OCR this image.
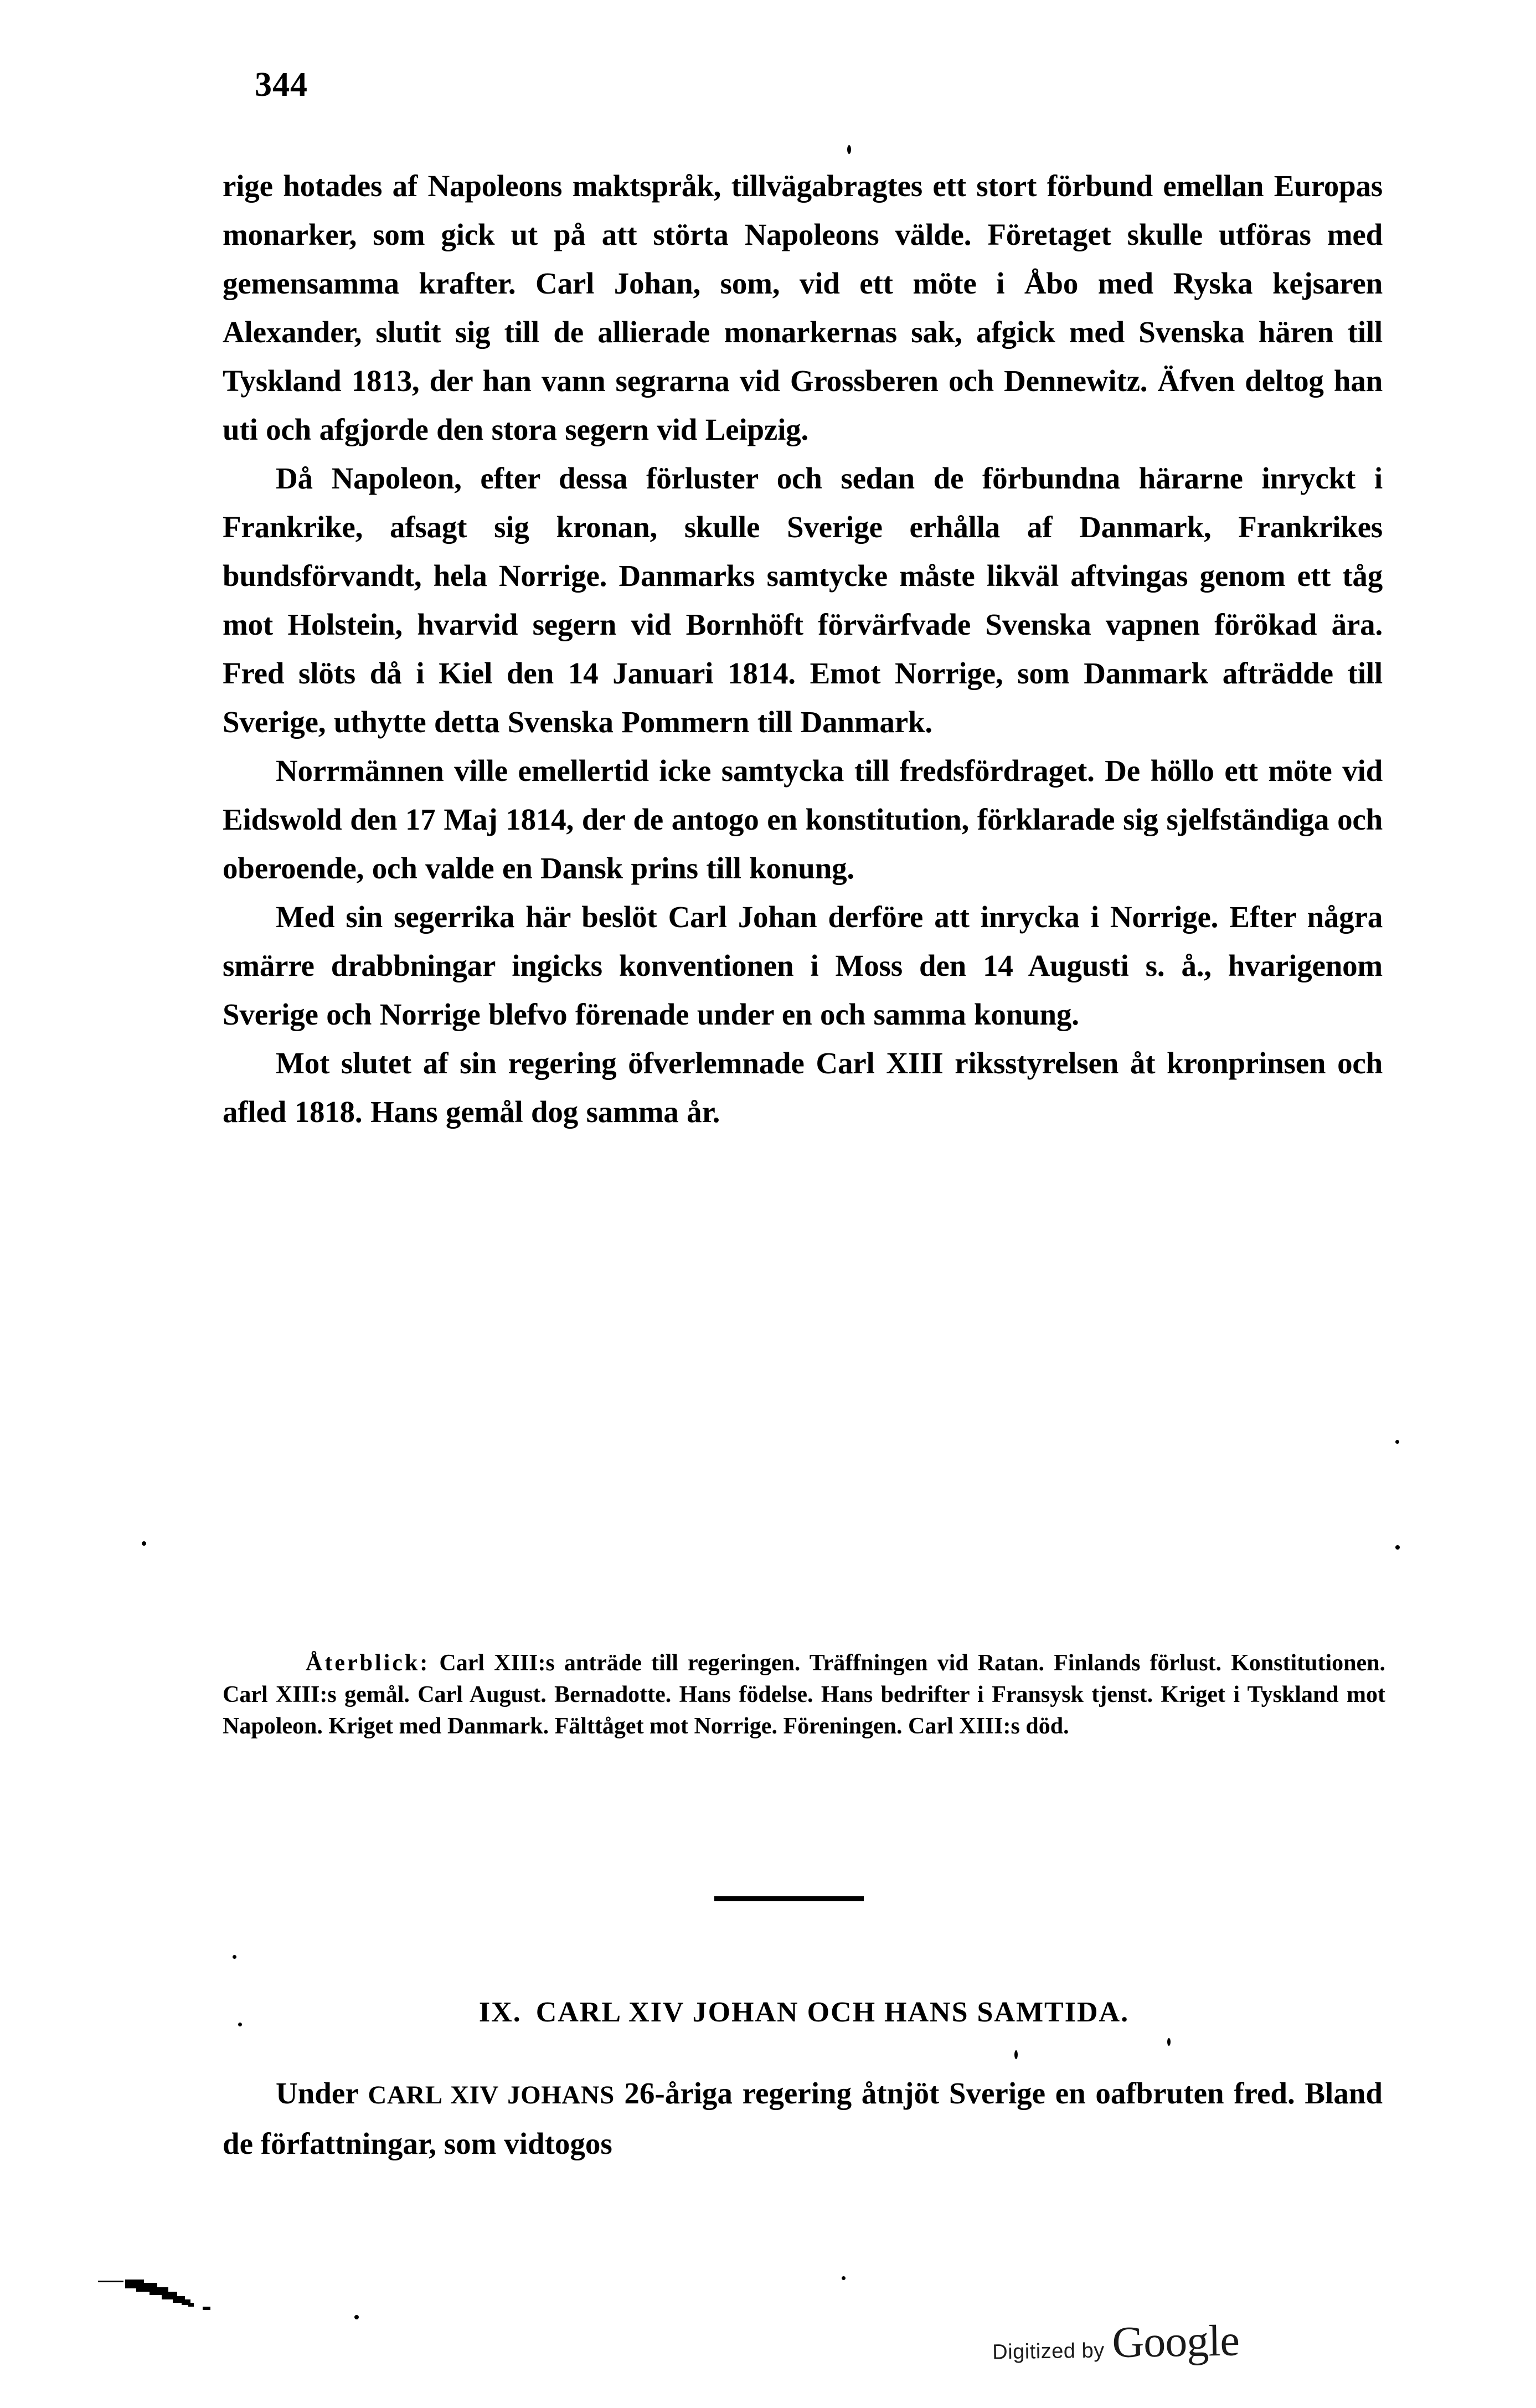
344

rige hotades af Napoleons maktspråk, tillvägabragtes ett stort förbund emellan Europas monarker, som gick ut på att störta Napoleons välde. Företaget skulle utföras med gemensamma krafter. Carl Johan, som, vid ett möte i Åbo med Ryska kejsaren Alexander, slutit sig till de allierade monarkernas sak, afgick med Svenska hären till Tyskland 1813, der han vann segrarna vid Grossberen och Dennewitz. Äfven deltog han uti och afgjorde den stora segern vid Leipzig.

Då Napoleon, efter dessa förluster och sedan de förbundna härarne inryckt i Frankrike, afsagt sig kronan, skulle Sverige erhålla af Danmark, Frankrikes bundsförvandt, hela Norrige. Danmarks samtycke måste likväl aftvingas genom ett tåg mot Holstein, hvarvid segern vid Bornhöft förvärfvade Svenska vapnen förökad ära. Fred slöts då i Kiel den 14 Januari 1814. Emot Norrige, som Danmark afträdde till Sverige, uthytte detta Svenska Pommern till Danmark.

Norrmännen ville emellertid icke samtycka till fredsfördraget. De höllo ett möte vid Eidswold den 17 Maj 1814, der de antogo en konstitution, förklarade sig sjelfständiga och oberoende, och valde en Dansk prins till konung.

Med sin segerrika här beslöt Carl Johan derföre att inrycka i Norrige. Efter några smärre drabbningar ingicks konventionen i Moss den 14 Augusti s. å., hvarigenom Sverige och Norrige blefvo förenade under en och samma konung.

Mot slutet af sin regering öfverlemnade Carl XIII riksstyrelsen åt kronprinsen och afled 1818. Hans gemål dog samma år.

Återblick: Carl XIII:s anträde till regeringen. Träffningen vid Ratan. Finlands förlust. Konstitutionen. Carl XIII:s gemål. Carl August. Bernadotte. Hans födelse. Hans bedrifter i Fransysk tjenst. Kriget i Tyskland mot Napoleon. Kriget med Danmark. Fälttåget mot Norrige. Föreningen. Carl XIII:s död.
IX. CARL XIV JOHAN OCH HANS SAMTIDA.

Under CARL XIV JOHANS 26-åriga regering åtnjöt Sverige en oafbruten fred. Bland de författningar, som vidtogos

Digitized by Google
